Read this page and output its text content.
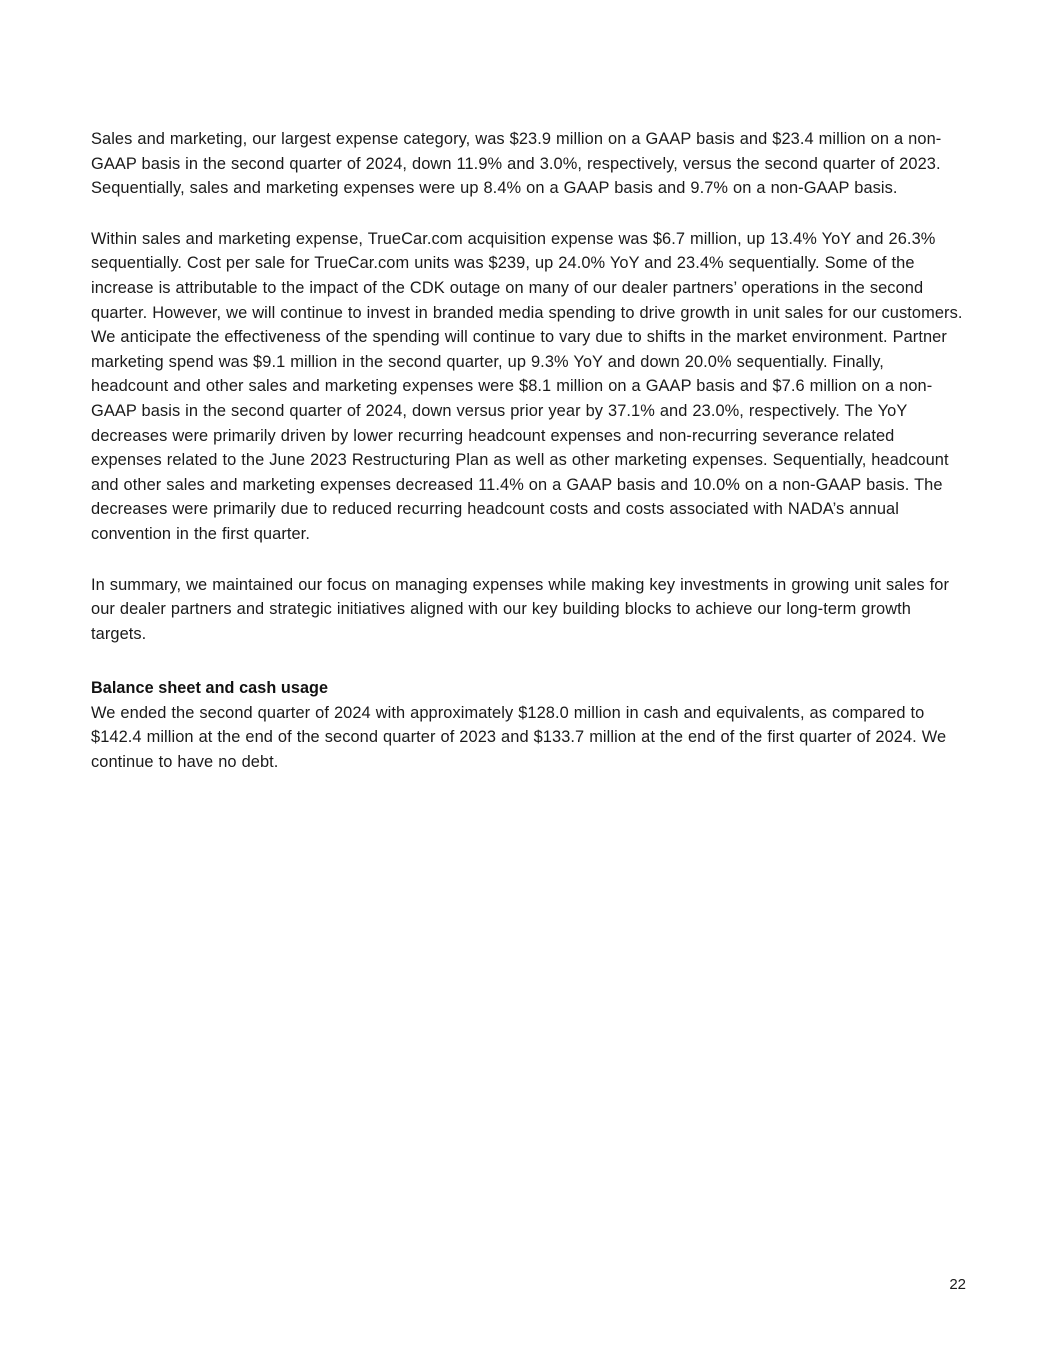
Sales and marketing, our largest expense category, was $23.9 million on a GAAP basis and $23.4 million on a non-GAAP basis in the second quarter of 2024, down 11.9% and 3.0%, respectively, versus the second quarter of 2023. Sequentially, sales and marketing expenses were up 8.4% on a GAAP basis and 9.7% on a non-GAAP basis.

Within sales and marketing expense, TrueCar.com acquisition expense was $6.7 million, up 13.4% YoY and 26.3% sequentially. Cost per sale for TrueCar.com units was $239, up 24.0% YoY and 23.4% sequentially. Some of the increase is attributable to the impact of the CDK outage on many of our dealer partners’ operations in the second quarter. However, we will continue to invest in branded media spending to drive growth in unit sales for our customers. We anticipate the effectiveness of the spending will continue to vary due to shifts in the market environment. Partner marketing spend was $9.1 million in the second quarter, up 9.3% YoY and down 20.0% sequentially. Finally, headcount and other sales and marketing expenses were $8.1 million on a GAAP basis and $7.6 million on a non-GAAP basis in the second quarter of 2024, down versus prior year by 37.1% and 23.0%, respectively. The YoY decreases were primarily driven by lower recurring headcount expenses and non-recurring severance related expenses related to the June 2023 Restructuring Plan as well as other marketing expenses. Sequentially, headcount and other sales and marketing expenses decreased 11.4% on a GAAP basis and 10.0% on a non-GAAP basis. The decreases were primarily due to reduced recurring headcount costs and costs associated with NADA’s annual convention in the first quarter.

In summary, we maintained our focus on managing expenses while making key investments in growing unit sales for our dealer partners and strategic initiatives aligned with our key building blocks to achieve our long-term growth targets.

Balance sheet and cash usage

We ended the second quarter of 2024 with approximately $128.0 million in cash and equivalents, as compared to $142.4 million at the end of the second quarter of 2023 and $133.7 million at the end of the first quarter of 2024. We continue to have no debt.

22
